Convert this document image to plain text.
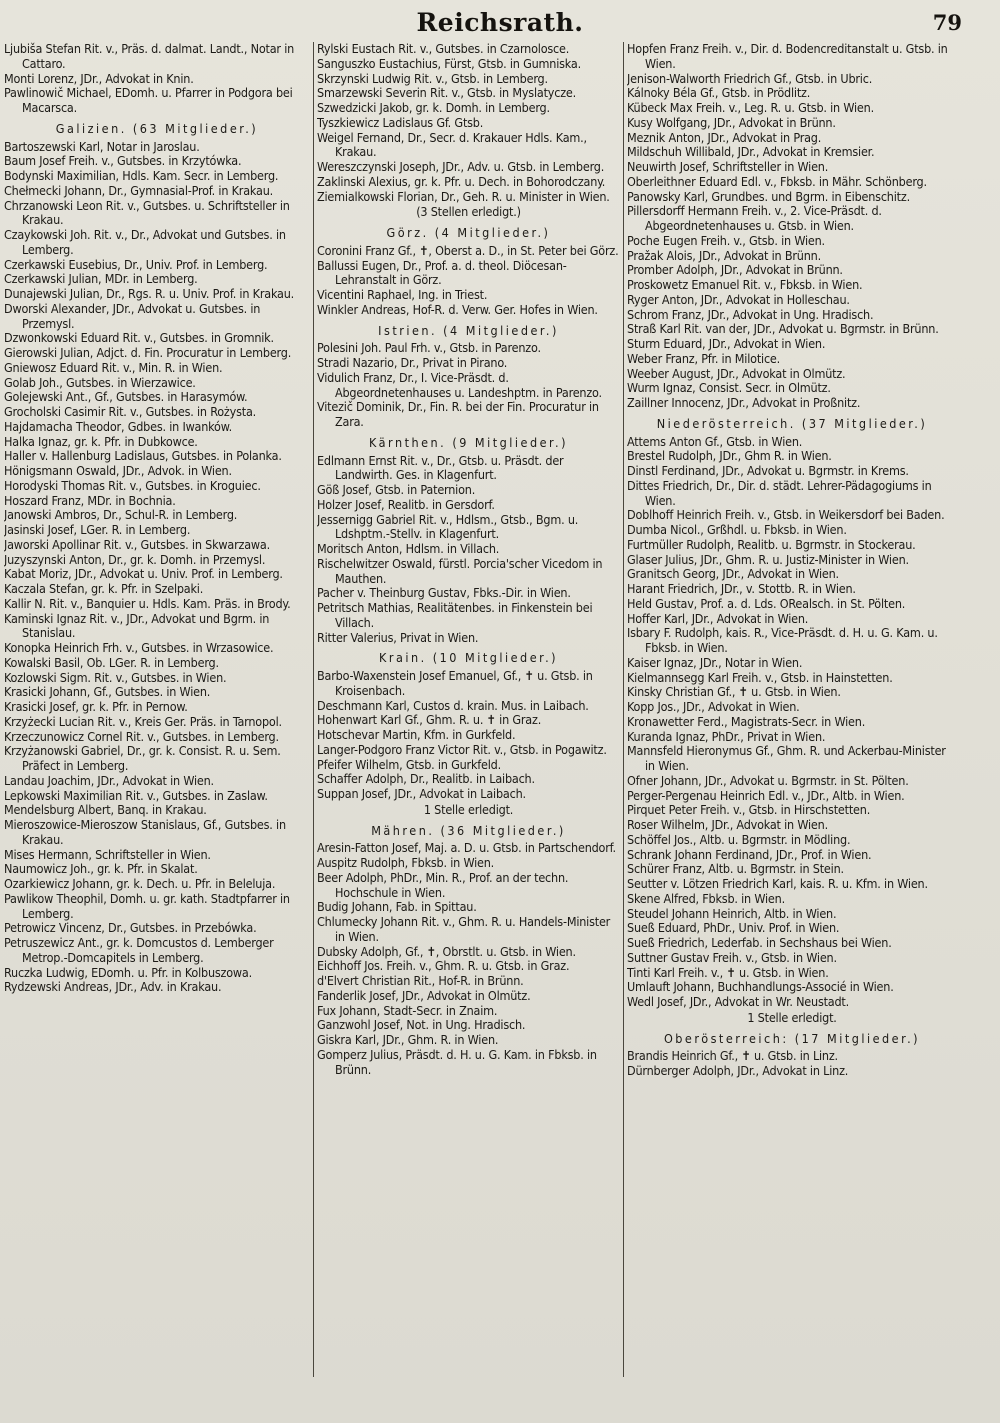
Reichsrath.	79
Ljubiša Stefan Rit. v., Präs. d. dalmat. Landt., Notar in Cattaro.
Monti Lorenz, JDr., Advokat in Knin.
Pawlinowič Michael, EDomh. u. Pfarrer in Podgora bei Macarsca.
Galizien. (63 Mitglieder.)
Bartoszewski Karl, Notar in Jaroslau.
Baum Josef Freih. v., Gutsbes. in Krzytówka.
Bodynski Maximilian, Hdls. Kam. Secr. in Lemberg.
Chełmecki Johann, Dr., Gymnasial-Prof. in Krakau.
Chrzanowski Leon Rit. v., Gutsbes. u. Schriftsteller in Krakau.
Czaykowski Joh. Rit. v., Dr., Advokat und Gutsbes. in Lemberg.
Czerkawski Eusebius, Dr., Univ. Prof. in Lemberg.
Czerkawski Julian, MDr. in Lemberg.
Dunajewski Julian, Dr., Rgs. R. u. Univ. Prof. in Krakau.
Dworski Alexander, JDr., Advokat u. Gutsbes. in Przemysl.
Dzwonkowski Eduard Rit. v., Gutsbes. in Gromnik.
Gierowski Julian, Adjct. d. Fin. Procuratur in Lemberg.
Gniewosz Eduard Rit. v., Min. R. in Wien.
Golab Joh., Gutsbes. in Wierzawice.
Golejewski Ant., Gf., Gutsbes. in Harasymów.
Grocholski Casimir Rit. v., Gutsbes. in Rożysta.
Hajdamacha Theodor, Gdbes. in Iwanków.
Halka Ignaz, gr. k. Pfr. in Dubkowce.
Haller v. Hallenburg Ladislaus, Gutsbes. in Polanka.
Hönigsmann Oswald, JDr., Advok. in Wien.
Horodyski Thomas Rit. v., Gutsbes. in Kroguiec.
Hoszard Franz, MDr. in Bochnia.
Janowski Ambros, Dr., Schul-R. in Lemberg.
Jasinski Josef, LGer. R. in Lemberg.
Jaworski Apollinar Rit. v., Gutsbes. in Skwarzawa.
Juzyszynski Anton, Dr., gr. k. Domh. in Przemysl.
Kabat Moriz, JDr., Advokat u. Univ. Prof. in Lemberg.
Kaczala Stefan, gr. k. Pfr. in Szelpaki.
Kallir N. Rit. v., Banquier u. Hdls. Kam. Präs. in Brody.
Kaminski Ignaz Rit. v., JDr., Advokat und Bgrm. in Stanislau.
Konopka Heinrich Frh. v., Gutsbes. in Wrzasowice.
Kowalski Basil, Ob. LGer. R. in Lemberg.
Kozlowski Sigm. Rit. v., Gutsbes. in Wien.
Krasicki Johann, Gf., Gutsbes. in Wien.
Krasicki Josef, gr. k. Pfr. in Pernow.
Krzyżecki Lucian Rit. v., Kreis Ger. Präs. in Tarnopol.
Krzeczunowicz Cornel Rit. v., Gutsbes. in Lemberg.
Krzyżanowski Gabriel, Dr., gr. k. Consist. R. u. Sem. Präfect in Lemberg.
Landau Joachim, JDr., Advokat in Wien.
Lepkowski Maximilian Rit. v., Gutsbes. in Zaslaw.
Mendelsburg Albert, Banq. in Krakau.
Mieroszowice-Mieroszow Stanislaus, Gf., Gutsbes. in Krakau.
Mises Hermann, Schriftsteller in Wien.
Naumowicz Joh., gr. k. Pfr. in Skalat.
Ozarkiewicz Johann, gr. k. Dech. u. Pfr. in Beleluja.
Pawlikow Theophil, Domh. u. gr. kath. Stadtpfarrer in Lemberg.
Petrowicz Vincenz, Dr., Gutsbes. in Przebówka.
Petruszewicz Ant., gr. k. Domcustos d. Lemberger Metrop.-Domcapitels in Lemberg.
Ruczka Ludwig, EDomh. u. Pfr. in Kolbuszowa.
Rydzewski Andreas, JDr., Adv. in Krakau.
Rylski Eustach Rit. v., Gutsbes. in Czarnolosce.
Sanguszko Eustachius, Fürst, Gtsb. in Gumniska.
Skrzynski Ludwig Rit. v., Gtsb. in Lemberg.
Smarzewski Severin Rit. v., Gtsb. in Myslatycze.
Szwedzicki Jakob, gr. k. Domh. in Lemberg.
Tyszkiewicz Ladislaus Gf. Gtsb.
Weigel Fernand, Dr., Secr. d. Krakauer Hdls. Kam., Krakau.
Wereszczynski Joseph, JDr., Adv. u. Gtsb. in Lemberg.
Zaklinski Alexius, gr. k. Pfr. u. Dech. in Bohorodczany.
Ziemialkowski Florian, Dr., Geh. R. u. Minister in Wien.
(3 Stellen erledigt.)
Görz. (4 Mitglieder.)
Coronini Franz Gf., ✝, Oberst a. D., in St. Peter bei Görz.
Ballussi Eugen, Dr., Prof. a. d. theol. Diöcesan-Lehranstalt in Görz.
Vicentini Raphael, Ing. in Triest.
Winkler Andreas, Hof-R. d. Verw. Ger. Hofes in Wien.
Istrien. (4 Mitglieder.)
Polesini Joh. Paul Frh. v., Gtsb. in Parenzo.
Stradi Nazario, Dr., Privat in Pirano.
Vidulich Franz, Dr., I. Vice-Präsdt. d. Abgeordnetenhauses u. Landeshptm. in Parenzo.
Vitezič Dominik, Dr., Fin. R. bei der Fin. Procuratur in Zara.
Kärnthen. (9 Mitglieder.)
Edlmann Ernst Rit. v., Dr., Gtsb. u. Präsdt. der Landwirth. Ges. in Klagenfurt.
Göß Josef, Gtsb. in Paternion.
Holzer Josef, Realitb. in Gersdorf.
Jessernigg Gabriel Rit. v., Hdlsm., Gtsb., Bgm. u. Ldshptm.-Stellv. in Klagenfurt.
Moritsch Anton, Hdlsm. in Villach.
Rischelwitzer Oswald, fürstl. Porcia'scher Vicedom in Mauthen.
Pacher v. Theinburg Gustav, Fbks.-Dir. in Wien.
Petritsch Mathias, Realitätenbes. in Finkenstein bei Villach.
Ritter Valerius, Privat in Wien.
Krain. (10 Mitglieder.)
Barbo-Waxenstein Josef Emanuel, Gf., ✝ u. Gtsb. in Kroisenbach.
Deschmann Karl, Custos d. krain. Mus. in Laibach.
Hohenwart Karl Gf., Ghm. R. u. ✝ in Graz.
Hotschevar Martin, Kfm. in Gurkfeld.
Langer-Podgoro Franz Victor Rit. v., Gtsb. in Pogawitz.
Pfeifer Wilhelm, Gtsb. in Gurkfeld.
Schaffer Adolph, Dr., Realitb. in Laibach.
Suppan Josef, JDr., Advokat in Laibach.
1 Stelle erledigt.
Mähren. (36 Mitglieder.)
Aresin-Fatton Josef, Maj. a. D. u. Gtsb. in Partschendorf.
Auspitz Rudolph, Fbksb. in Wien.
Beer Adolph, PhDr., Min. R., Prof. an der techn. Hochschule in Wien.
Budig Johann, Fab. in Spittau.
Chlumecky Johann Rit. v., Ghm. R. u. Handels-Minister in Wien.
Dubsky Adolph, Gf., ✝, Obrstlt. u. Gtsb. in Wien.
Eichhoff Jos. Freih. v., Ghm. R. u. Gtsb. in Graz.
d'Elvert Christian Rit., Hof-R. in Brünn.
Fanderlik Josef, JDr., Advokat in Olmütz.
Fux Johann, Stadt-Secr. in Znaim.
Ganzwohl Josef, Not. in Ung. Hradisch.
Giskra Karl, JDr., Ghm. R. in Wien.
Gomperz Julius, Präsdt. d. H. u. G. Kam. in Fbksb. in Brünn.
Hopfen Franz Freih. v., Dir. d. Bodencreditanstalt u. Gtsb. in Wien.
Jenison-Walworth Friedrich Gf., Gtsb. in Ubric.
Kálnoky Béla Gf., Gtsb. in Prödlitz.
Kübeck Max Freih. v., Leg. R. u. Gtsb. in Wien.
Kusy Wolfgang, JDr., Advokat in Brünn.
Meznik Anton, JDr., Advokat in Prag.
Mildschuh Willibald, JDr., Advokat in Kremsier.
Neuwirth Josef, Schriftsteller in Wien.
Oberleithner Eduard Edl. v., Fbksb. in Mähr. Schönberg.
Panowsky Karl, Grundbes. und Bgrm. in Eibenschitz.
Pillersdorff Hermann Freih. v., 2. Vice-Präsdt. d. Abgeordnetenhauses u. Gtsb. in Wien.
Poche Eugen Freih. v., Gtsb. in Wien.
Pražak Alois, JDr., Advokat in Brünn.
Promber Adolph, JDr., Advokat in Brünn.
Proskowetz Emanuel Rit. v., Fbksb. in Wien.
Ryger Anton, JDr., Advokat in Holleschau.
Schrom Franz, JDr., Advokat in Ung. Hradisch.
Straß Karl Rit. van der, JDr., Advokat u. Bgrmstr. in Brünn.
Sturm Eduard, JDr., Advokat in Wien.
Weber Franz, Pfr. in Milotice.
Weeber August, JDr., Advokat in Olmütz.
Wurm Ignaz, Consist. Secr. in Olmütz.
Zaillner Innocenz, JDr., Advokat in Proßnitz.
Niederösterreich. (37 Mitglieder.)
Attems Anton Gf., Gtsb. in Wien.
Brestel Rudolph, JDr., Ghm R. in Wien.
Dinstl Ferdinand, JDr., Advokat u. Bgrmstr. in Krems.
Dittes Friedrich, Dr., Dir. d. städt. Lehrer-Pädagogiums in Wien.
Doblhoff Heinrich Freih. v., Gtsb. in Weikersdorf bei Baden.
Dumba Nicol., Grßhdl. u. Fbksb. in Wien.
Furtmüller Rudolph, Realitb. u. Bgrmstr. in Stockerau.
Glaser Julius, JDr., Ghm. R. u. Justiz-Minister in Wien.
Granitsch Georg, JDr., Advokat in Wien.
Harant Friedrich, JDr., v. Stottb. R. in Wien.
Held Gustav, Prof. a. d. Lds. ORealsch. in St. Pölten.
Hoffer Karl, JDr., Advokat in Wien.
Isbary F. Rudolph, kais. R., Vice-Präsdt. d. H. u. G. Kam. u. Fbksb. in Wien.
Kaiser Ignaz, JDr., Notar in Wien.
Kielmannsegg Karl Freih. v., Gtsb. in Hainstetten.
Kinsky Christian Gf., ✝ u. Gtsb. in Wien.
Kopp Jos., JDr., Advokat in Wien.
Kronawetter Ferd., Magistrats-Secr. in Wien.
Kuranda Ignaz, PhDr., Privat in Wien.
Mannsfeld Hieronymus Gf., Ghm. R. und Ackerbau-Minister in Wien.
Ofner Johann, JDr., Advokat u. Bgrmstr. in St. Pölten.
Perger-Pergenau Heinrich Edl. v., JDr., Altb. in Wien.
Pirquet Peter Freih. v., Gtsb. in Hirschstetten.
Roser Wilhelm, JDr., Advokat in Wien.
Schöffel Jos., Altb. u. Bgrmstr. in Mödling.
Schrank Johann Ferdinand, JDr., Prof. in Wien.
Schürer Franz, Altb. u. Bgrmstr. in Stein.
Seutter v. Lötzen Friedrich Karl, kais. R. u. Kfm. in Wien.
Skene Alfred, Fbksb. in Wien.
Steudel Johann Heinrich, Altb. in Wien.
Sueß Eduard, PhDr., Univ. Prof. in Wien.
Sueß Friedrich, Lederfab. in Sechshaus bei Wien.
Suttner Gustav Freih. v., Gtsb. in Wien.
Tinti Karl Freih. v., ✝ u. Gtsb. in Wien.
Umlauft Johann, Buchhandlungs-Associé in Wien.
Wedl Josef, JDr., Advokat in Wr. Neustadt.
1 Stelle erledigt.
Oberösterreich: (17 Mitglieder.)
Brandis Heinrich Gf., ✝ u. Gtsb. in Linz.
Dürnberger Adolph, JDr., Advokat in Linz.
